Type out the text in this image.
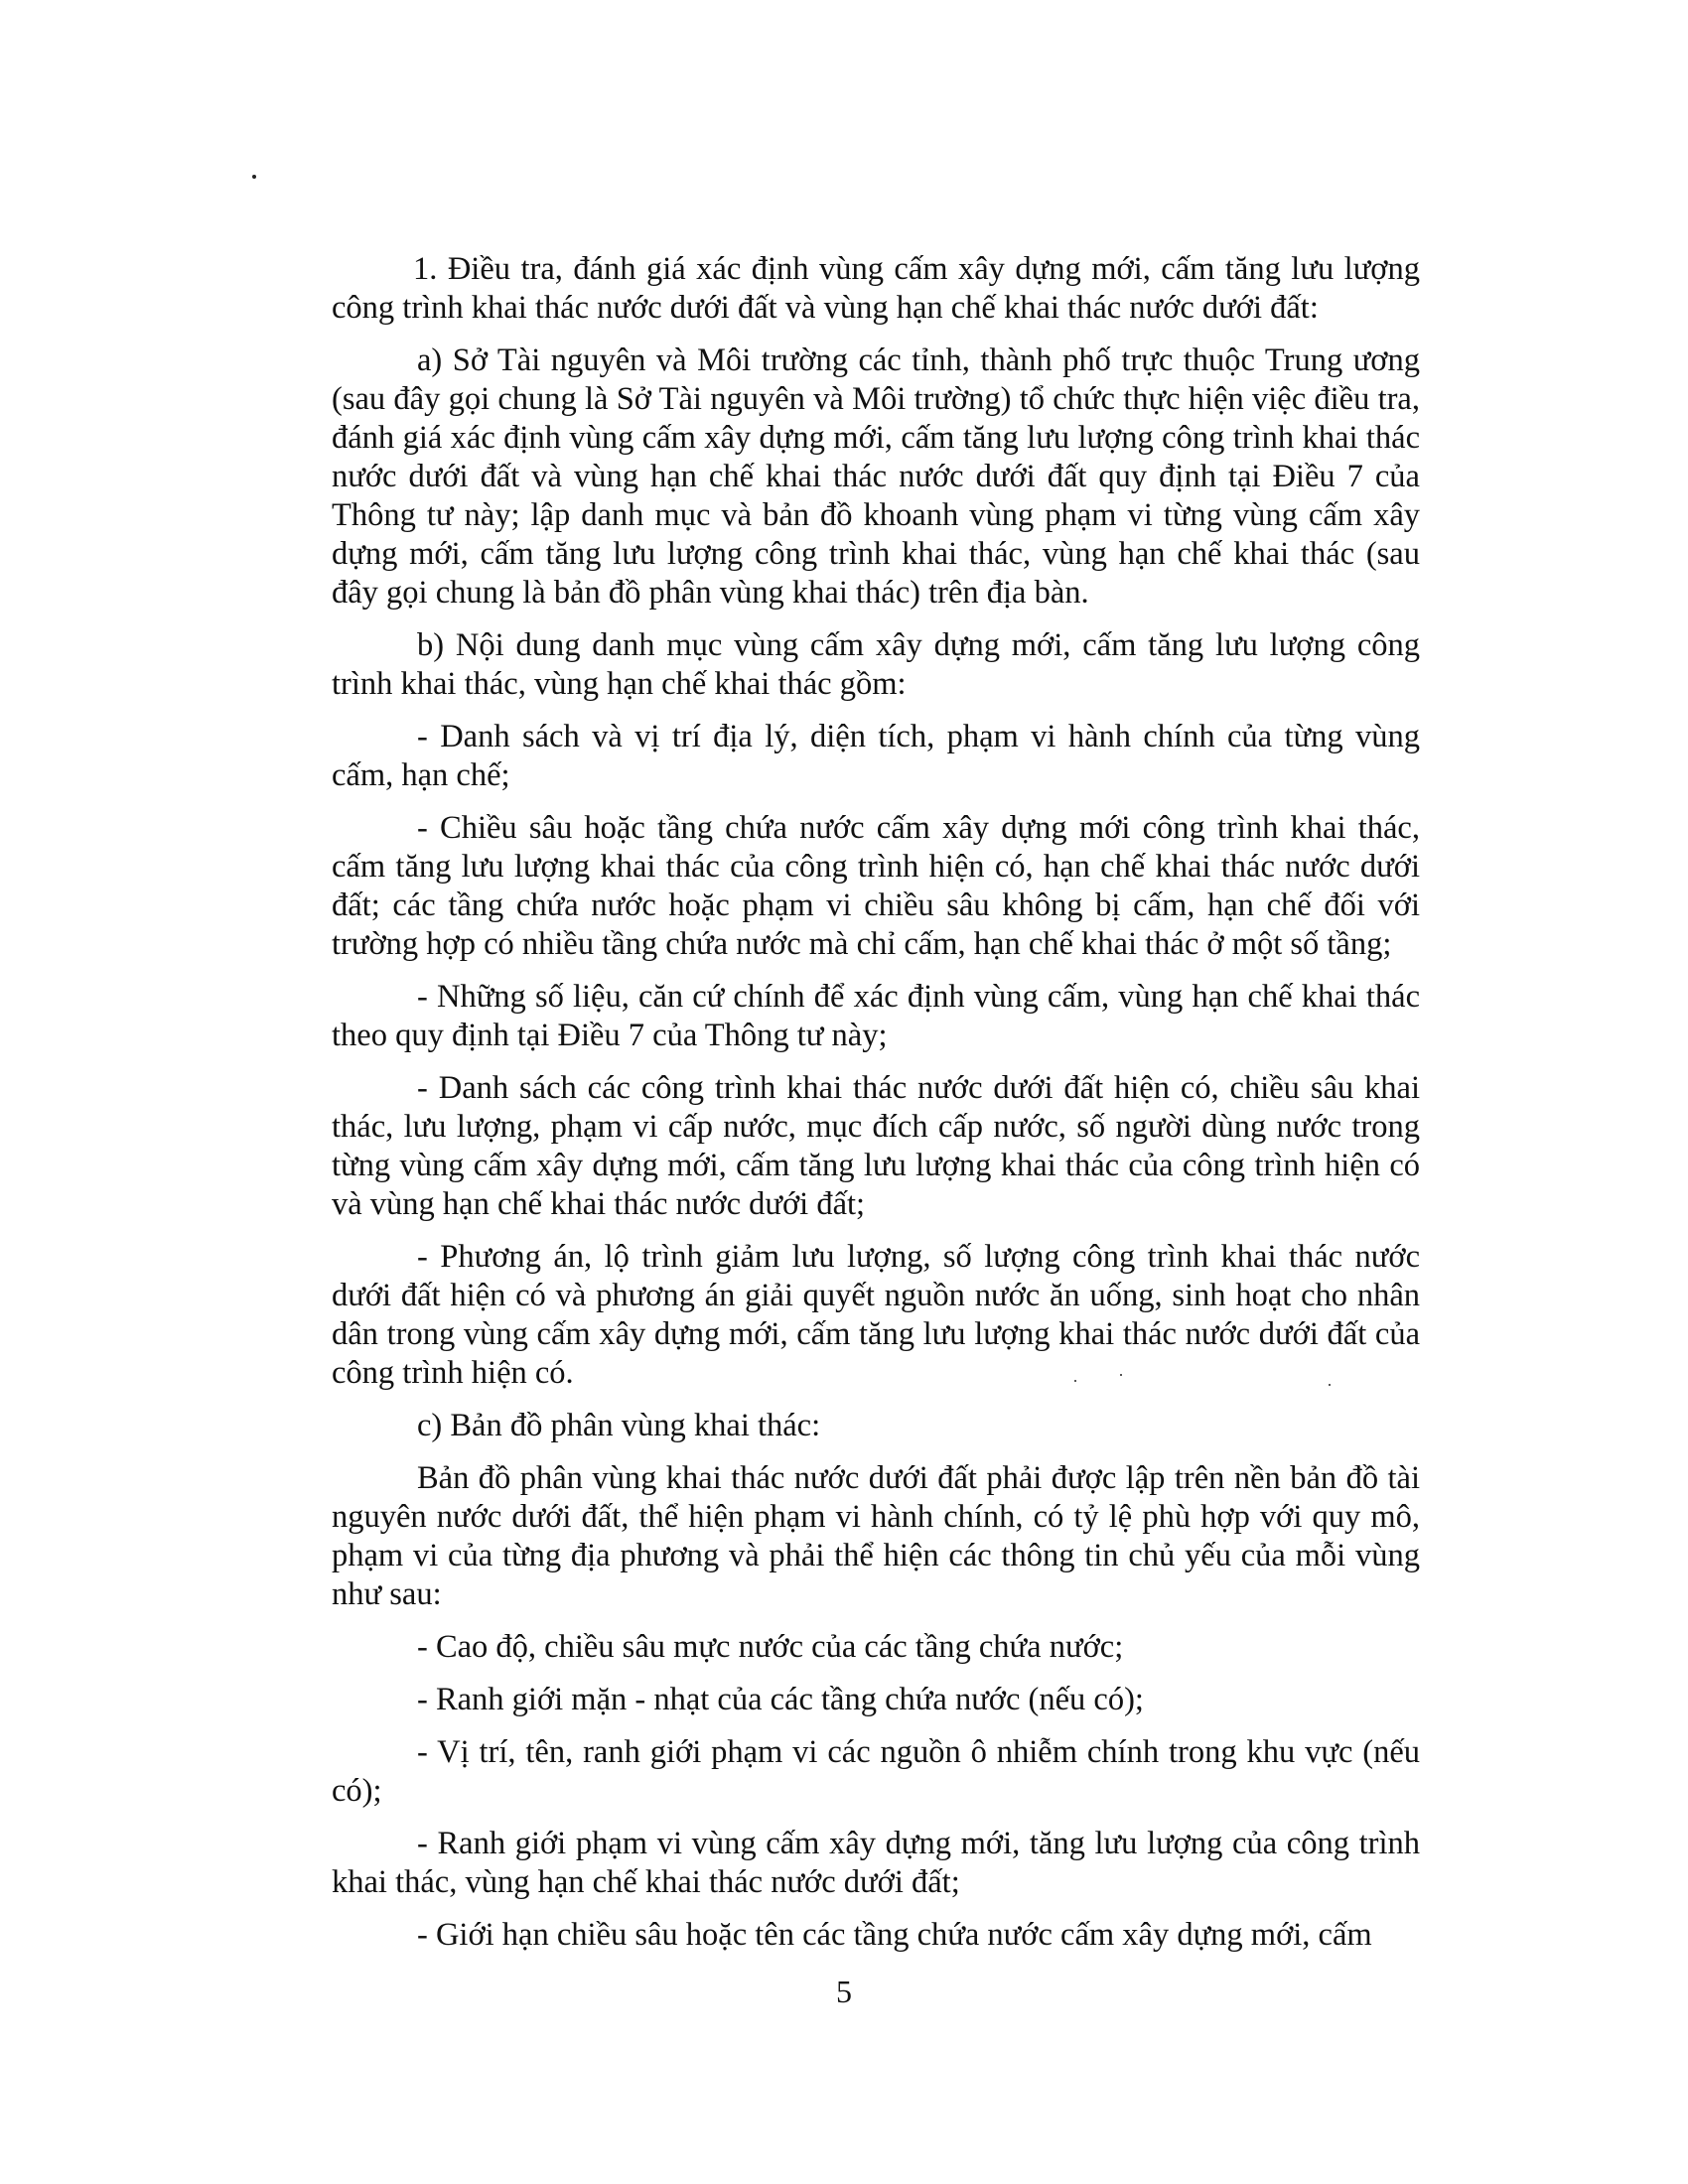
1. Điều tra, đánh giá xác định vùng cấm xây dựng mới, cấm tăng lưu lượng công trình khai thác nước dưới đất và vùng hạn chế khai thác nước dưới đất:

a) Sở Tài nguyên và Môi trường các tỉnh, thành phố trực thuộc Trung ương (sau đây gọi chung là Sở Tài nguyên và Môi trường) tổ chức thực hiện việc điều tra, đánh giá xác định vùng cấm xây dựng mới, cấm tăng lưu lượng công trình khai thác nước dưới đất và vùng hạn chế khai thác nước dưới đất quy định tại Điều 7 của Thông tư này; lập danh mục và bản đồ khoanh vùng phạm vi từng vùng cấm xây dựng mới, cấm tăng lưu lượng công trình khai thác, vùng hạn chế khai thác (sau đây gọi chung là bản đồ phân vùng khai thác) trên địa bàn.

b) Nội dung danh mục vùng cấm xây dựng mới, cấm tăng lưu lượng công trình khai thác, vùng hạn chế khai thác gồm:

- Danh sách và vị trí địa lý, diện tích, phạm vi hành chính của từng vùng cấm, hạn chế;

- Chiều sâu hoặc tầng chứa nước cấm xây dựng mới công trình khai thác, cấm tăng lưu lượng khai thác của công trình hiện có, hạn chế khai thác nước dưới đất; các tầng chứa nước hoặc phạm vi chiều sâu không bị cấm, hạn chế đối với trường hợp có nhiều tầng chứa nước mà chỉ cấm, hạn chế khai thác ở một số tầng;

- Những số liệu, căn cứ chính để xác định vùng cấm, vùng hạn chế khai thác theo quy định tại Điều 7 của Thông tư này;

- Danh sách các công trình khai thác nước dưới đất hiện có, chiều sâu khai thác, lưu lượng, phạm vi cấp nước, mục đích cấp nước, số người dùng nước trong từng vùng cấm xây dựng mới, cấm tăng lưu lượng khai thác của công trình hiện có và vùng hạn chế khai thác nước dưới đất;

- Phương án, lộ trình giảm lưu lượng, số lượng công trình khai thác nước dưới đất hiện có và phương án giải quyết nguồn nước ăn uống, sinh hoạt cho nhân dân trong vùng cấm xây dựng mới, cấm tăng lưu lượng khai thác nước dưới đất của công trình hiện có.

c) Bản đồ phân vùng khai thác:

Bản đồ phân vùng khai thác nước dưới đất phải được lập trên nền bản đồ tài nguyên nước dưới đất, thể hiện phạm vi hành chính, có tỷ lệ phù hợp với quy mô, phạm vi của từng địa phương và phải thể hiện các thông tin chủ yếu của mỗi vùng như sau:

- Cao độ, chiều sâu mực nước của các tầng chứa nước;

- Ranh giới mặn - nhạt của các tầng chứa nước (nếu có);

- Vị trí, tên, ranh giới phạm vi các nguồn ô nhiễm chính trong khu vực (nếu có);

- Ranh giới phạm vi vùng cấm xây dựng mới, tăng lưu lượng của công trình khai thác, vùng hạn chế khai thác nước dưới đất;

- Giới hạn chiều sâu hoặc tên các tầng chứa nước cấm xây dựng mới, cấm

5
